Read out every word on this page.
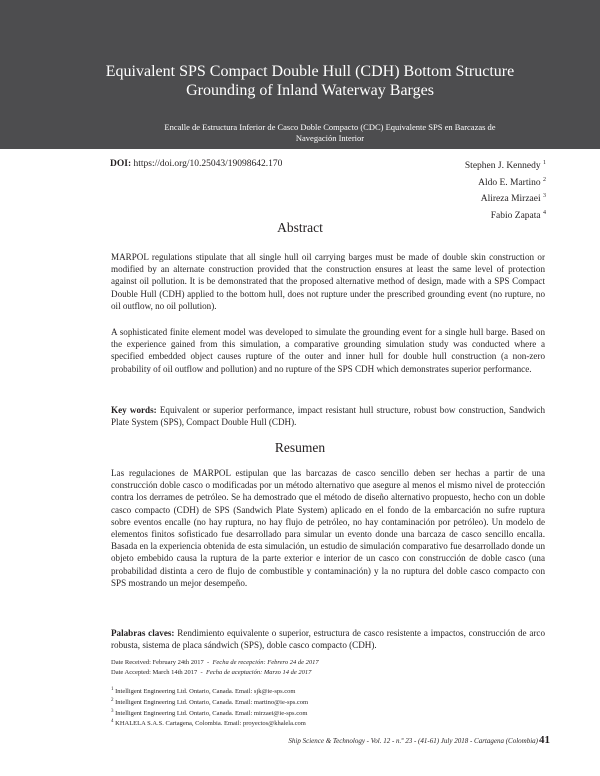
Equivalent SPS Compact Double Hull (CDH) Bottom Structure
Grounding of Inland Waterway Barges
Encalle de Estructura Inferior de Casco Doble Compacto (CDC) Equivalente SPS en Barcazas de
Navegación Interior
DOI: https://doi.org/10.25043/19098642.170	Stephen J. Kennedy $^1$
Aldo E. Martino $^2$
Alireza Mirzaei $^3$
Fabio Zapata $^4$
Abstract

MARPOL regulations stipulate that all single hull oil carrying barges must be made of double skin construction or modified by an alternate construction provided that the construction ensures at least the same level of protection against oil pollution. It is be demonstrated that the proposed alternative method of design, made with a SPS Compact Double Hull (CDH) applied to the bottom hull, does not rupture under the prescribed grounding event (no rupture, no oil outflow, no oil pollution).

A sophisticated finite element model was developed to simulate the grounding event for a single hull barge. Based on the experience gained from this simulation, a comparative grounding simulation study was conducted where a specified embedded object causes rupture of the outer and inner hull for double hull construction (a non-zero probability of oil outflow and pollution) and no rupture of the SPS CDH which demonstrates superior performance.

Key words: Equivalent or superior performance, impact resistant hull structure, robust bow construction, Sandwich Plate System (SPS), Compact Double Hull (CDH).

Resumen

Las regulaciones de MARPOL estipulan que las barcazas de casco sencillo deben ser hechas a partir de una construcción doble casco o modificadas por un método alternativo que asegure al menos el mismo nivel de protección contra los derrames de petróleo. Se ha demostrado que el método de diseño alternativo propuesto, hecho con un doble casco compacto (CDH) de SPS (Sandwich Plate System) aplicado en el fondo de la embarcación no sufre ruptura sobre eventos encalle (no hay ruptura, no hay flujo de petróleo, no hay contaminación por petróleo). Un modelo de elementos finitos sofisticado fue desarrollado para simular un evento donde una barcaza de casco sencillo encalla. Basada en la experiencia obtenida de esta simulación, un estudio de simulación comparativo fue desarrollado donde un objeto embebido causa la ruptura de la parte exterior e interior de un casco con construcción de doble casco (una probabilidad distinta a cero de flujo de combustible y contaminación) y la no ruptura del doble casco compacto con SPS mostrando un mejor desempeño.

Palabras claves: Rendimiento equivalente o superior, estructura de casco resistente a impactos, construcción de arco robusta, sistema de placa sándwich (SPS), doble casco compacto (CDH).

Date Received: February 24th 2017  -  Fecha de recepción: Febrero 24 de 2017
Date Accepted: March 14th 2017  -  Fecha de aceptación: Marzo 14 de 2017
$^1$ Intelligent Engineering Ltd. Ontario, Canada. Email: sjk@ie-sps.com
$^2$ Intelligent Engineering Ltd. Ontario, Canada. Email: martino@ie-sps.com
$^3$ Intelligent Engineering Ltd. Ontario, Canada. Email: mirzaei@ie-sps.com
$^4$ KHALELA S.A.S. Cartagena, Colombia. Email: proyectos@khalela.com
Ship Science & Technology - Vol. 12 - n.º 23 - (41-61) July 2018 - Cartagena (Colombia) 41
